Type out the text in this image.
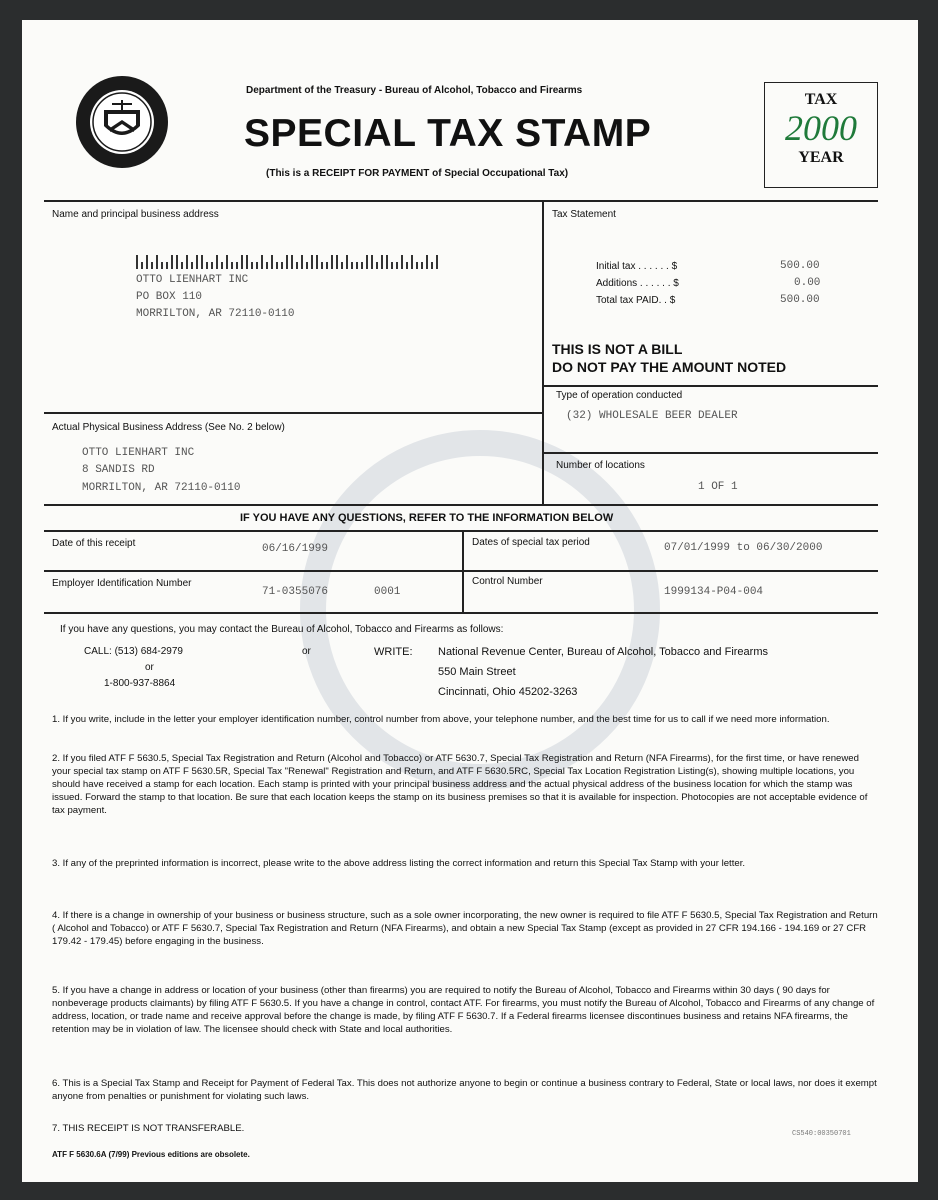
Department of the Treasury - Bureau of Alcohol, Tobacco and Firearms
SPECIAL TAX STAMP
(This is a RECEIPT FOR PAYMENT of Special Occupational Tax)
TAX
2000
YEAR
Name and principal business address
OTTO LIENHART INC
PO BOX 110
MORRILTON, AR 72110-0110
Tax Statement
Initial tax . . . . . . $	500.00
Additions . . . . . . $	0.00
Total tax PAID. . $	500.00
THIS IS NOT A BILL
DO NOT PAY THE AMOUNT NOTED
Type of operation conducted
(32) WHOLESALE BEER DEALER
Actual Physical Business Address (See No. 2 below)
OTTO LIENHART INC
8 SANDIS RD
MORRILTON, AR 72110-0110
Number of locations
1 OF 1
IF YOU HAVE ANY QUESTIONS, REFER TO THE INFORMATION BELOW
Date of this receipt	06/16/1999
Dates of special tax period	07/01/1999 to 06/30/2000
Employer Identification Number
71-0355076	0001
Control Number
1999134-P04-004
If you have any questions, you may contact the Bureau of Alcohol, Tobacco and Firearms as follows:
CALL: (513) 684-2979
or
1-800-937-8864
or	WRITE: National Revenue Center, Bureau of Alcohol, Tobacco and Firearms
550 Main Street
Cincinnati, Ohio 45202-3263
1. If you write, include in the letter your employer identification number, control number from above, your telephone number, and the best time for us to call if we need more information.
2. If you filed ATF F 5630.5, Special Tax Registration and Return (Alcohol and Tobacco) or ATF 5630.7, Special Tax Registration and Return (NFA Firearms), for the first time, or have renewed your special tax stamp on ATF F 5630.5R, Special Tax "Renewal" Registration and Return, and ATF F 5630.5RC, Special Tax Location Registration Listing(s), showing multiple locations, you should have received a stamp for each location. Each stamp is printed with your principal business address and the actual physical address of the business location for which the stamp was issued. Forward the stamp to that location. Be sure that each location keeps the stamp on its business premises so that it is available for inspection. Photocopies are not acceptable evidence of tax payment.
3. If any of the preprinted information is incorrect, please write to the above address listing the correct information and return this Special Tax Stamp with your letter.
4. If there is a change in ownership of your business or business structure, such as a sole owner incorporating, the new owner is required to file ATF F 5630.5, Special Tax Registration and Return ( Alcohol and Tobacco) or ATF F 5630.7, Special Tax Registration and Return (NFA Firearms), and obtain a new Special Tax Stamp (except as provided in 27 CFR 194.166 - 194.169 or 27 CFR 179.42 - 179.45) before engaging in the business.
5. If you have a change in address or location of your business (other than firearms) you are required to notify the Bureau of Alcohol, Tobacco and Firearms within 30 days ( 90 days for nonbeverage products claimants) by filing ATF F 5630.5. If you have a change in control, contact ATF. For firearms, you must notify the Bureau of Alcohol, Tobacco and Firearms of any change of address, location, or trade name and receive approval before the change is made, by filing ATF F 5630.7. If a Federal firearms licensee discontinues business and retains NFA firearms, the retention may be in violation of law. The licensee should check with State and local authorities.
6. This is a Special Tax Stamp and Receipt for Payment of Federal Tax. This does not authorize anyone to begin or continue a business contrary to Federal, State or local laws, nor does it exempt anyone from penalties or punishment for violating such laws.
7. THIS RECEIPT IS NOT TRANSFERABLE.
ATF F 5630.6A (7/99) Previous editions are obsolete.
CS540:00350701
